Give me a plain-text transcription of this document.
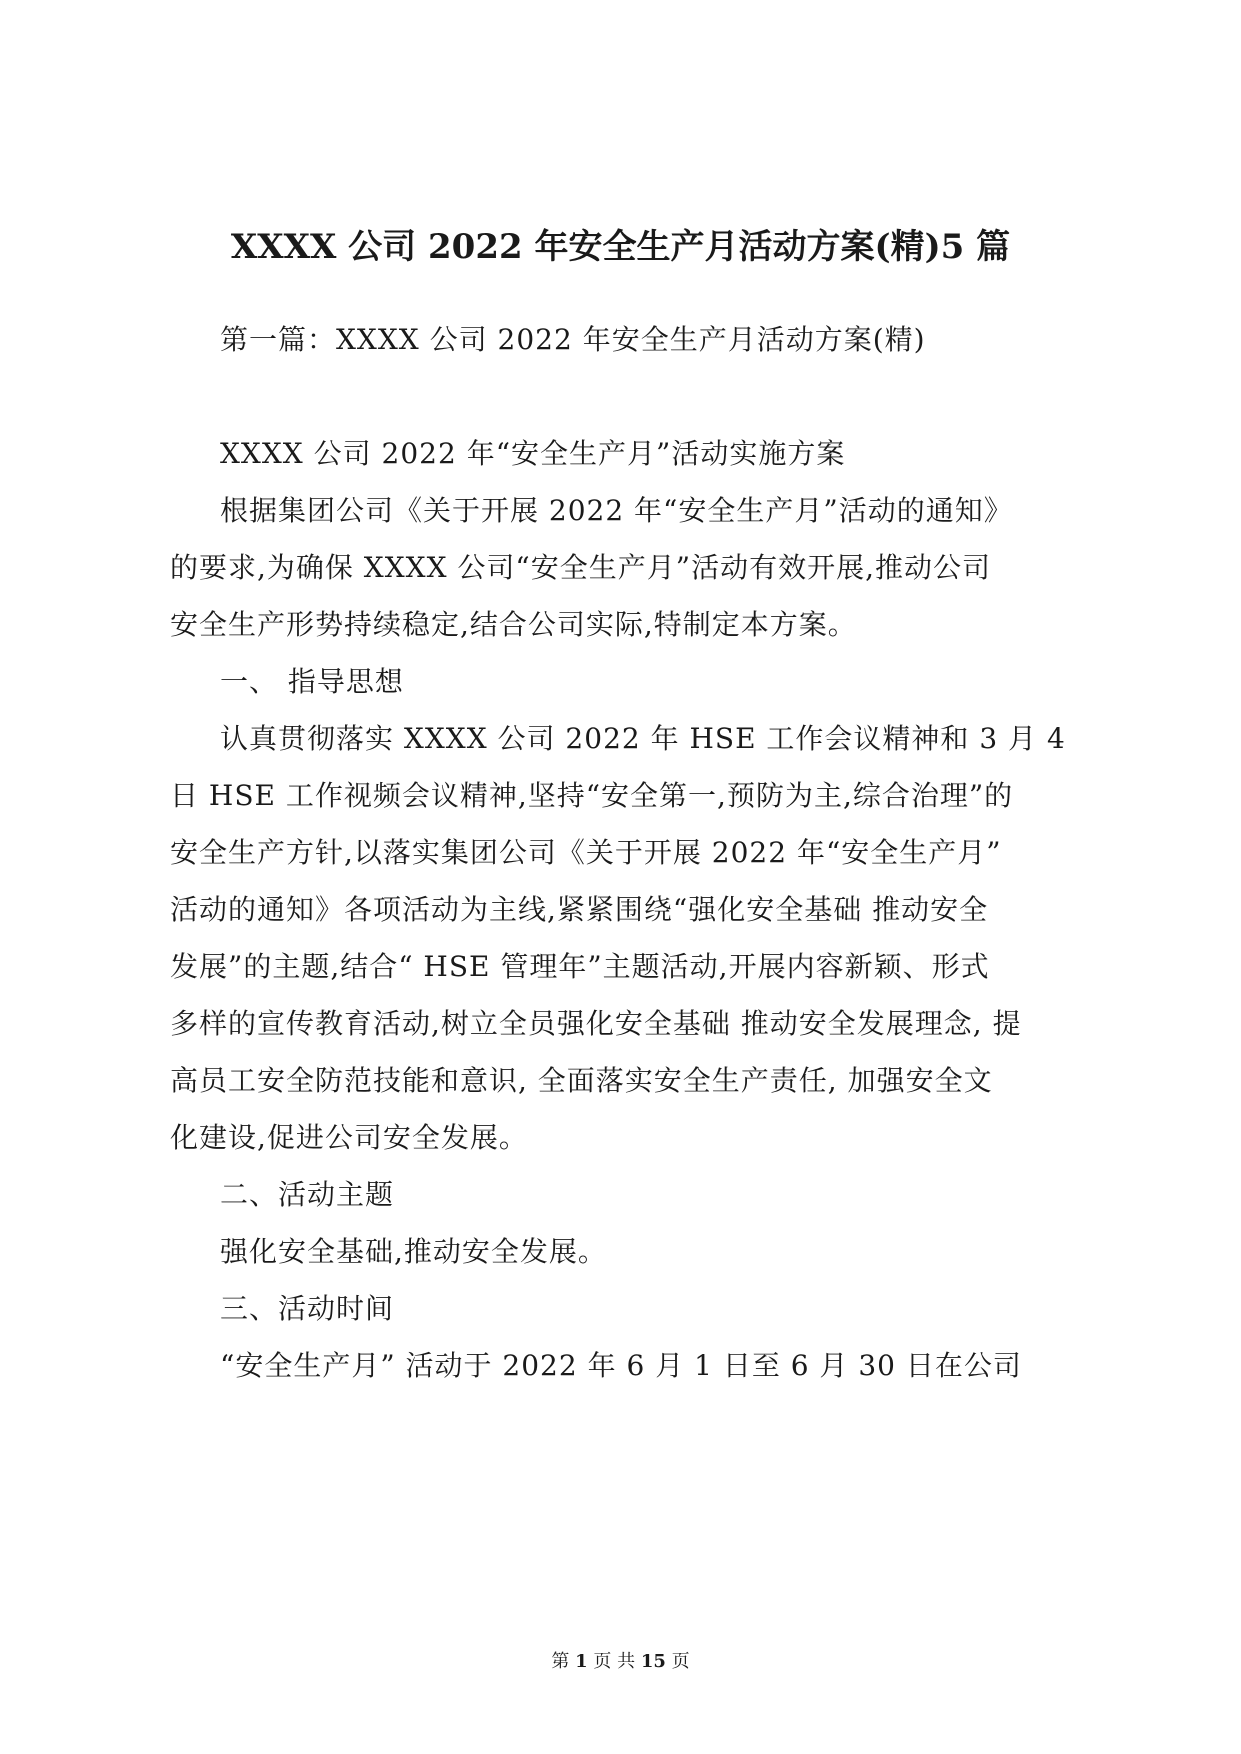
XXXX 公司 2022 年安全生产月活动方案(精)5 篇
第一篇：XXXX 公司 2022 年安全生产月活动方案(精)
XXXX 公司 2022 年“安全生产月”活动实施方案
根据集团公司《关于开展 2022 年“安全生产月”活动的通知》
的要求,为确保 XXXX 公司“安全生产月”活动有效开展,推动公司
安全生产形势持续稳定,结合公司实际,特制定本方案。
一、 指导思想
认真贯彻落实 XXXX 公司 2022 年 HSE 工作会议精神和 3 月 4
日 HSE 工作视频会议精神,坚持“安全第一,预防为主,综合治理”的
安全生产方针,以落实集团公司《关于开展 2022 年“安全生产月”
活动的通知》各项活动为主线,紧紧围绕“强化安全基础 推动安全
发展”的主题,结合“ HSE 管理年”主题活动,开展内容新颖、形式
多样的宣传教育活动,树立全员强化安全基础 推动安全发展理念, 提
高员工安全防范技能和意识, 全面落实安全生产责任, 加强安全文
化建设,促进公司安全发展。
二、活动主题
强化安全基础,推动安全发展。
三、活动时间
“安全生产月” 活动于 2022 年 6 月 1 日至 6 月 30 日在公司
第 1 页 共 15 页
